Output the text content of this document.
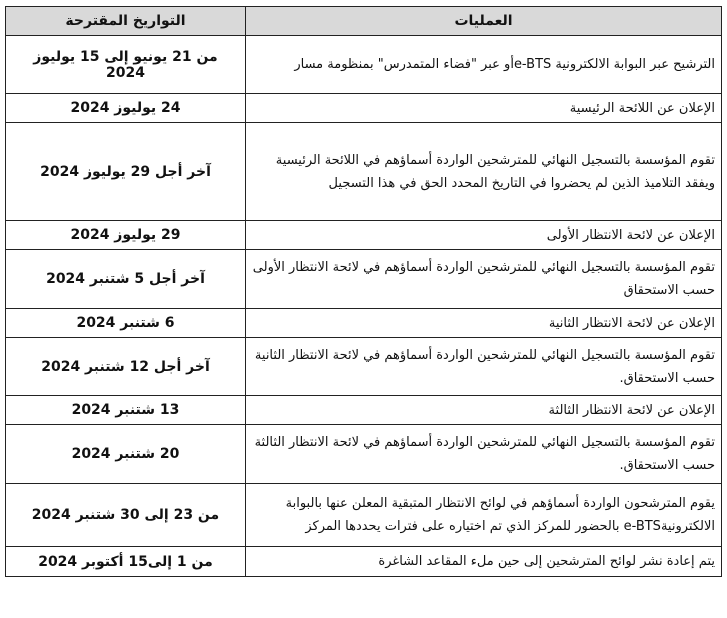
العمليات	التواريخ المقترحة
الترشيح عبر البوابة الالكترونية e-BTSأو عبر "فضاء المتمدرس" بمنظومة مسار	من 21 يونيو إلى 15 يوليوز 2024
الإعلان عن اللائحة الرئيسية	24 يوليوز 2024
تقوم المؤسسة بالتسجيل النهائي للمترشحين الواردة أسماؤهم في اللائحة الرئيسية ويفقد التلاميذ الذين لم يحضروا في التاريخ المحدد الحق في هذا التسجيل	آخر أجل 29 يوليوز 2024
الإعلان عن لائحة الانتظار الأولى	29 يوليوز 2024
تقوم المؤسسة بالتسجيل النهائي للمترشحين الواردة أسماؤهم في لائحة الانتظار الأولى حسب الاستحقاق	آخر أجل 5 شتنبر 2024
الإعلان عن لائحة الانتظار الثانية	6 شتنبر 2024
تقوم المؤسسة بالتسجيل النهائي للمترشحين الواردة أسماؤهم في لائحة الانتظار الثانية حسب الاستحقاق.	آخر أجل 12 شتنبر 2024
الإعلان عن لائحة الانتظار الثالثة	13 شتنبر 2024
تقوم المؤسسة بالتسجيل النهائي للمترشحين الواردة أسماؤهم في لائحة الانتظار الثالثة حسب الاستحقاق.	20 شتنبر 2024
يقوم المترشحون الواردة أسماؤهم في لوائح الانتظار المتبقية المعلن عنها بالبوابة الالكترونيةe-BTS بالحضور للمركز الذي تم اختياره على فترات يحددها المركز	من 23 إلى 30 شتنبر 2024
يتم إعادة نشر لوائح المترشحين إلى حين ملء المقاعد الشاغرة	من 1 إلى15 أكتوبر 2024
